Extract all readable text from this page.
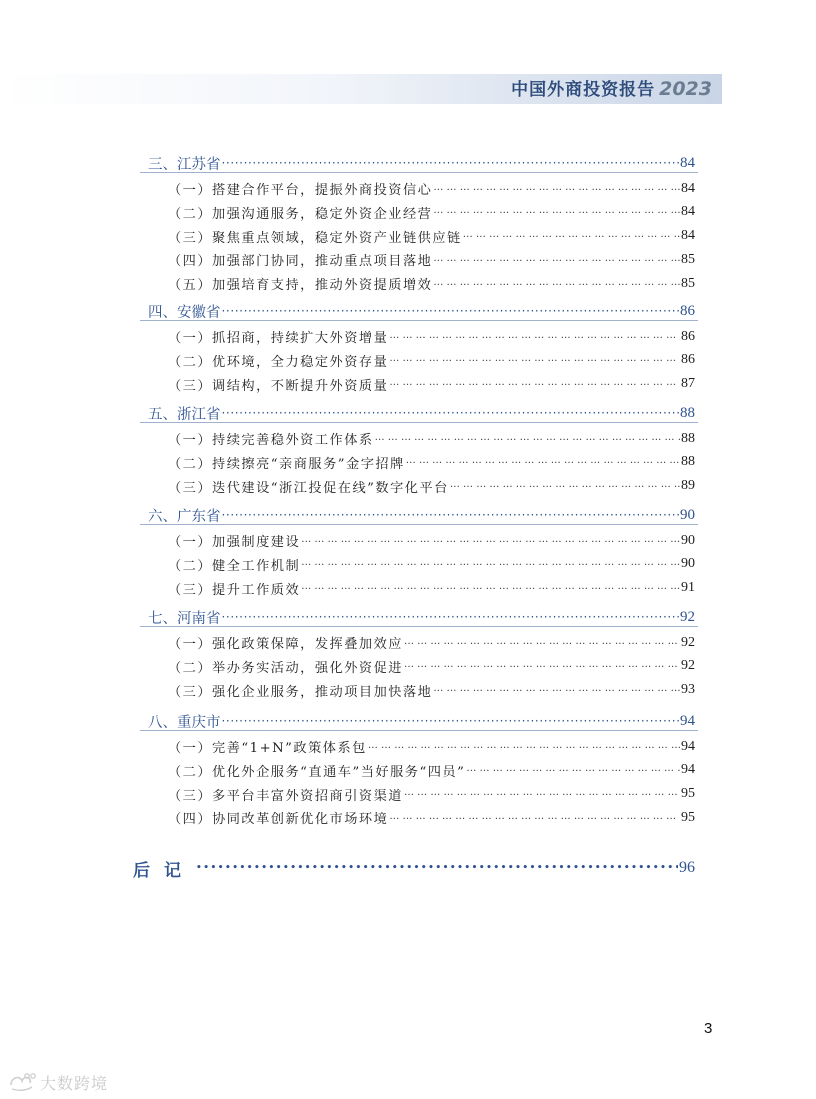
中国外商投资报告 2023
三、江苏省 ·····	84
（一）搭建合作平台，提振外商投资信心 … … … … … … … … … … … … … … … … … … … … … … … … … … … … … … … … … … … … … … … … … … … … … … … … … … … …	84
（二）加强沟通服务，稳定外资企业经营 … … … … … … … … … … … … … … … … … … … … … … … … … … … … … … … … … … … … … … … … … … … … … … … … … … … …	84
（三）聚焦重点领域，稳定外资产业链供应链 … … … … … … … … … … … … … … … … … … … … … … … … … … … … … … … … … … … … … … … … … … … … … … … … … … … …	84
（四）加强部门协同，推动重点项目落地 … … … … … … … … … … … … … … … … … … … … … … … … … … … … … … … … … … … … … … … … … … … … … … … … … … … …	85
（五）加强培育支持，推动外资提质增效 … … … … … … … … … … … … … … … … … … … … … … … … … … … … … … … … … … … … … … … … … … … … … … … … … … … …	85
四、安徽省 ·····	86
（一）抓招商，持续扩大外资增量 … … … … … … … … … … … … … … … … … … … … … … … … … … … … … … … … … … … … … … … … … … … … … … … … … … … …	86
（二）优环境，全力稳定外资存量 … … … … … … … … … … … … … … … … … … … … … … … … … … … … … … … … … … … … … … … … … … … … … … … … … … … …	86
（三）调结构，不断提升外资质量 … … … … … … … … … … … … … … … … … … … … … … … … … … … … … … … … … … … … … … … … … … … … … … … … … … … …	87
五、浙江省 ·····	88
（一）持续完善稳外资工作体系 … … … … … … … … … … … … … … … … … … … … … … … … … … … … … … … … … … … … … … … … … … … … … … … … … … … …	88
（二）持续擦亮“亲商服务”金字招牌 … … … … … … … … … … … … … … … … … … … … … … … … … … … … … … … … … … … … … … … … … … … … … … … … … … … …	88
（三）迭代建设“浙江投促在线”数字化平台 … … … … … … … … … … … … … … … … … … … … … … … … … … … … … … … … … … … … … … … … … … … … … … … … … … … …	89
六、广东省 ·····	90
（一）加强制度建设 … … … … … … … … … … … … … … … … … … … … … … … … … … … … … … … … … … … … … … … … … … … … … … … … … … … …	90
（二）健全工作机制 … … … … … … … … … … … … … … … … … … … … … … … … … … … … … … … … … … … … … … … … … … … … … … … … … … … …	90
（三）提升工作质效 … … … … … … … … … … … … … … … … … … … … … … … … … … … … … … … … … … … … … … … … … … … … … … … … … … … …	91
七、河南省 ·····	92
（一）强化政策保障，发挥叠加效应 … … … … … … … … … … … … … … … … … … … … … … … … … … … … … … … … … … … … … … … … … … … … … … … … … … … …	92
（二）举办务实活动，强化外资促进 … … … … … … … … … … … … … … … … … … … … … … … … … … … … … … … … … … … … … … … … … … … … … … … … … … … …	92
（三）强化企业服务，推动项目加快落地 … … … … … … … … … … … … … … … … … … … … … … … … … … … … … … … … … … … … … … … … … … … … … … … … … … … …	93
八、重庆市 ·····	94
（一）完善“1+N”政策体系包 … … … … … … … … … … … … … … … … … … … … … … … … … … … … … … … … … … … … … … … … … … … … … … … … … … … …	94
（二）优化外企服务“直通车”当好服务“四员” … … … … … … … … … … … … … … … … … … … … … … … … … … … … … … … … … … … … … … … … … … … … … … … … … … … …	94
（三）多平台丰富外资招商引资渠道 … … … … … … … … … … … … … … … … … … … … … … … … … … … … … … … … … … … … … … … … … … … … … … … … … … … …	95
（四）协同改革创新优化市场环境 … … … … … … … … … … … … … … … … … … … … … … … … … … … … … … … … … … … … … … … … … … … … … … … … … … … …	95
后记 •••••	96
3
大数跨境
